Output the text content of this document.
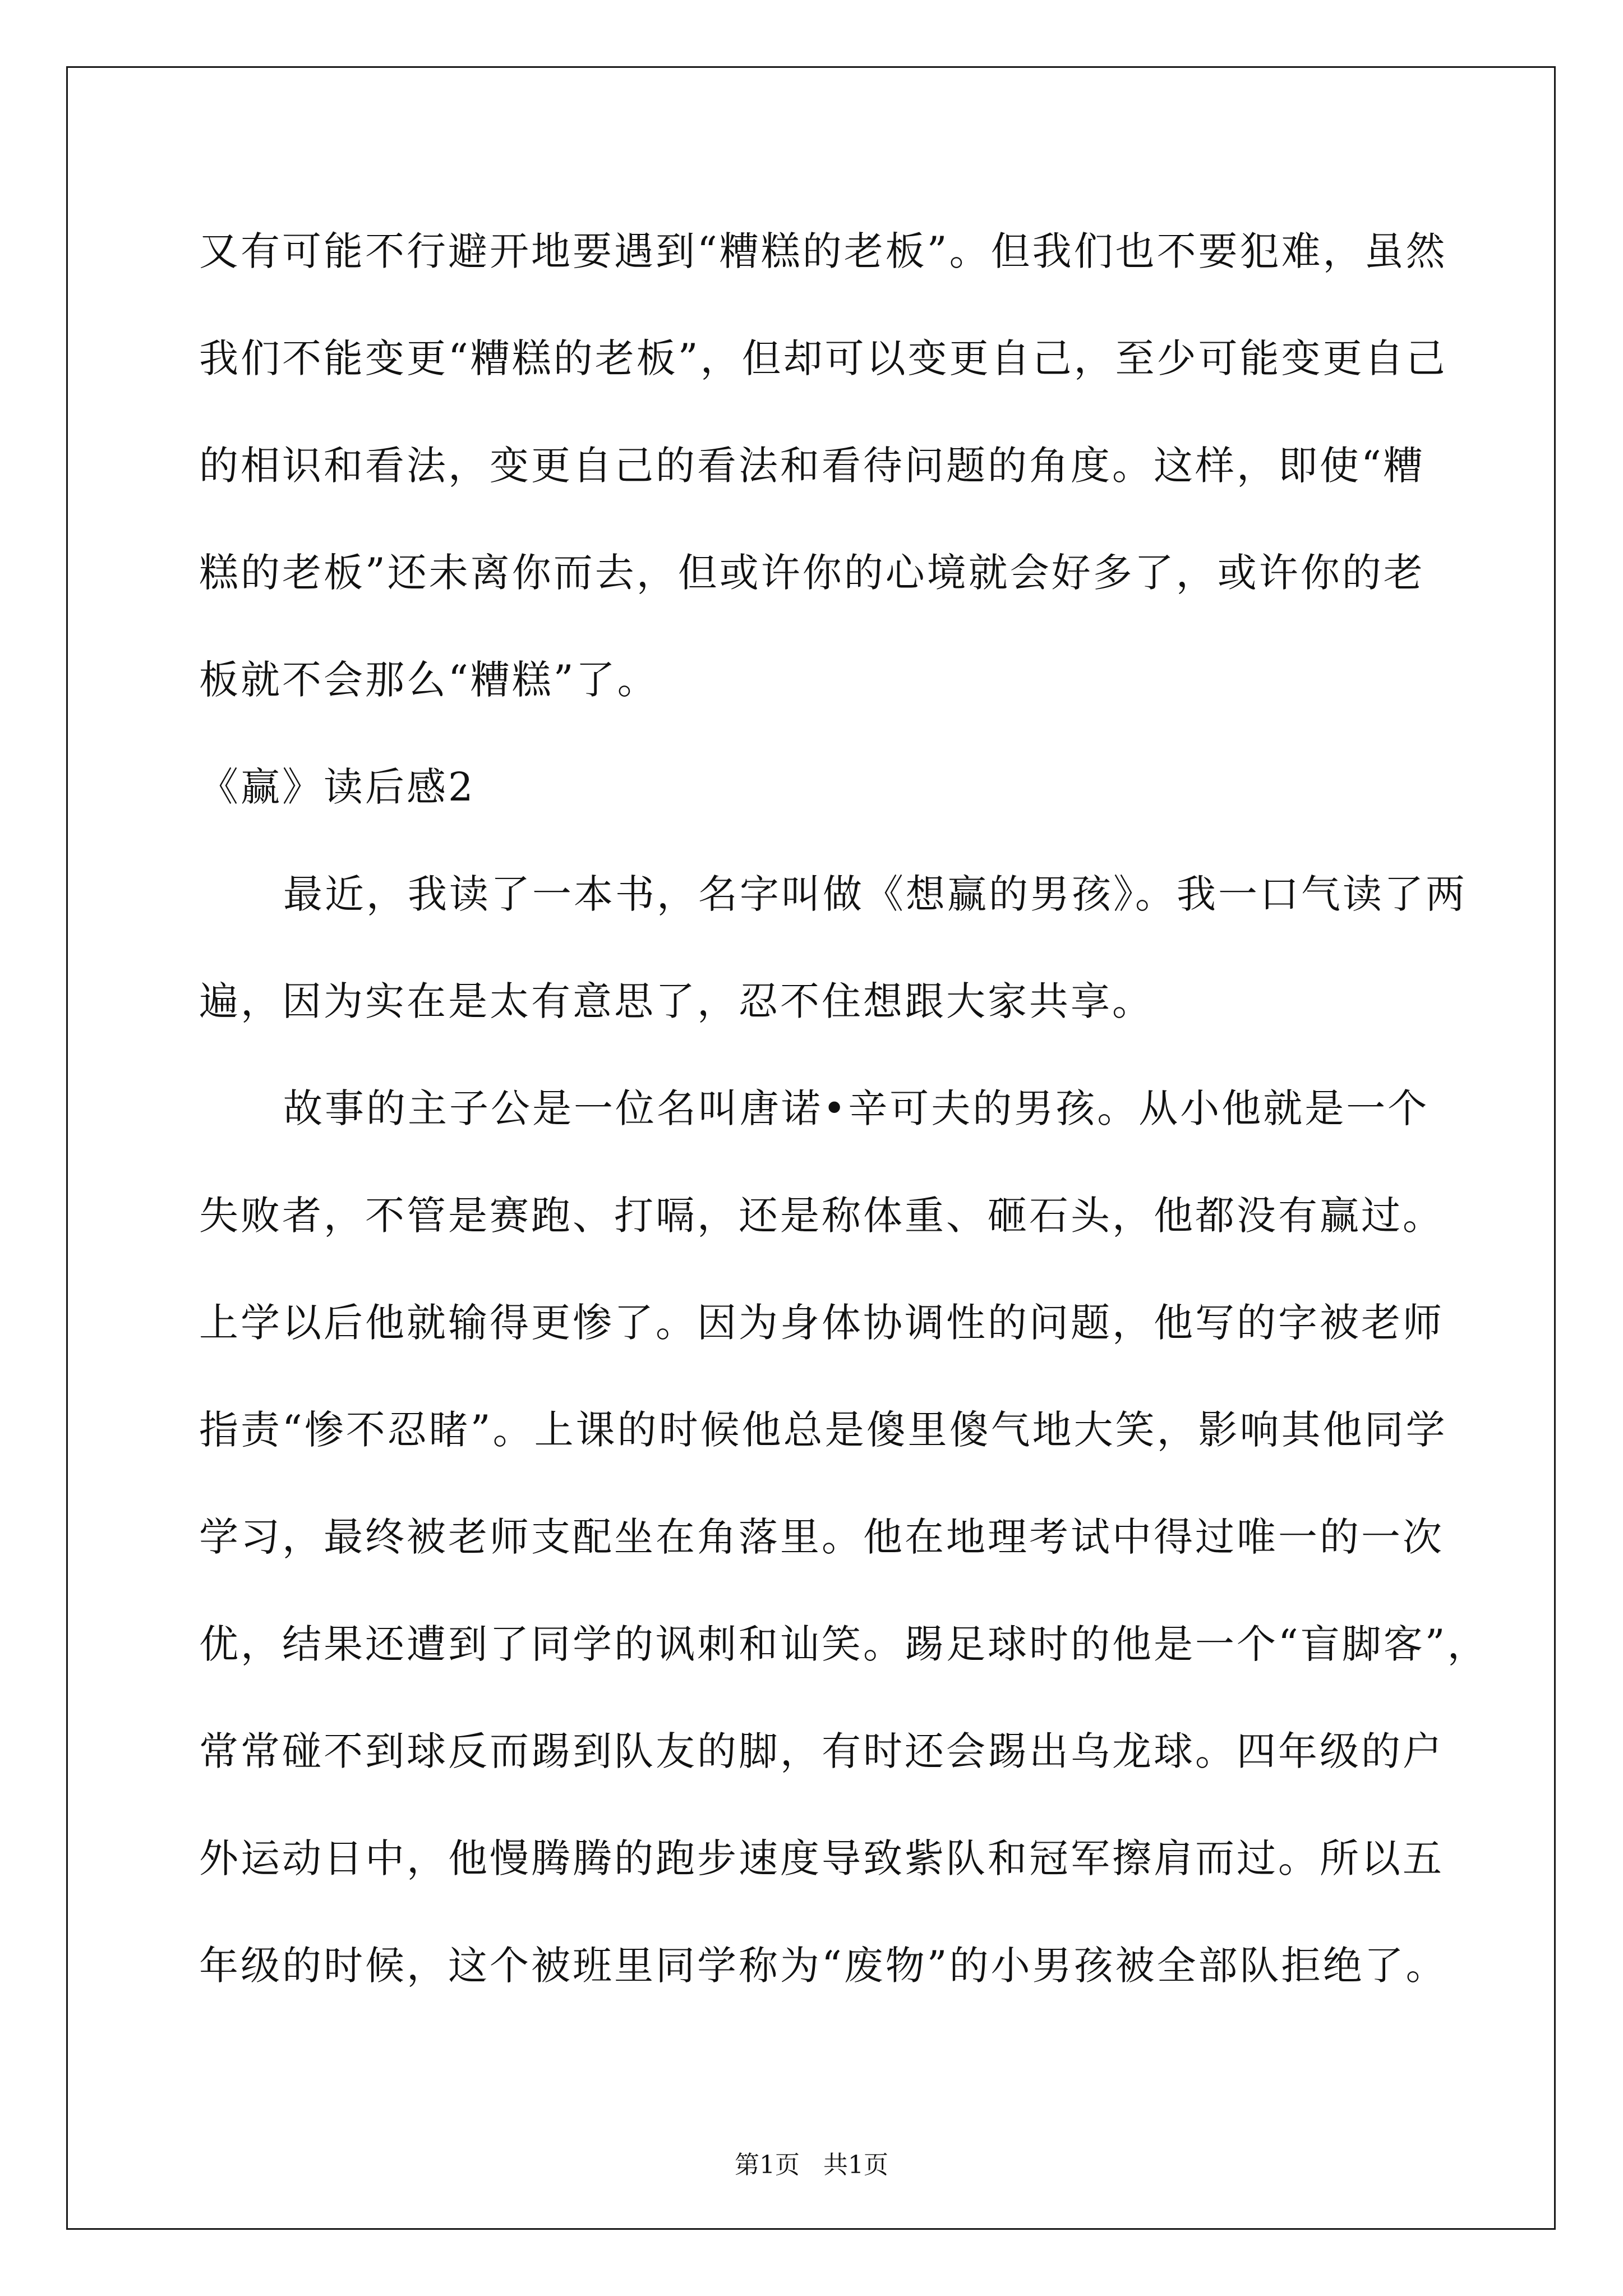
又有可能不行避开地要遇到“糟糕的老板”。但我们也不要犯难，虽然
我们不能变更“糟糕的老板”，但却可以变更自己，至少可能变更自己
的相识和看法，变更自己的看法和看待问题的角度。这样，即使“糟
糕的老板”还未离你而去，但或许你的心境就会好多了，或许你的老
板就不会那么“糟糕”了。
《赢》读后感2
最近，我读了一本书，名字叫做《想赢的男孩》。我一口气读了两
遍，因为实在是太有意思了，忍不住想跟大家共享。
故事的主子公是一位名叫唐诺•辛可夫的男孩。从小他就是一个
失败者，不管是赛跑、打嗝，还是称体重、砸石头，他都没有赢过。
上学以后他就输得更惨了。因为身体协调性的问题，他写的字被老师
指责“惨不忍睹”。上课的时候他总是傻里傻气地大笑，影响其他同学
学习，最终被老师支配坐在角落里。他在地理考试中得过唯一的一次
优，结果还遭到了同学的讽刺和讪笑。踢足球时的他是一个“盲脚客”，
常常碰不到球反而踢到队友的脚，有时还会踢出乌龙球。四年级的户
外运动日中，他慢腾腾的跑步速度导致紫队和冠军擦肩而过。所以五
年级的时候，这个被班里同学称为“废物”的小男孩被全部队拒绝了。
第1页   共1页
